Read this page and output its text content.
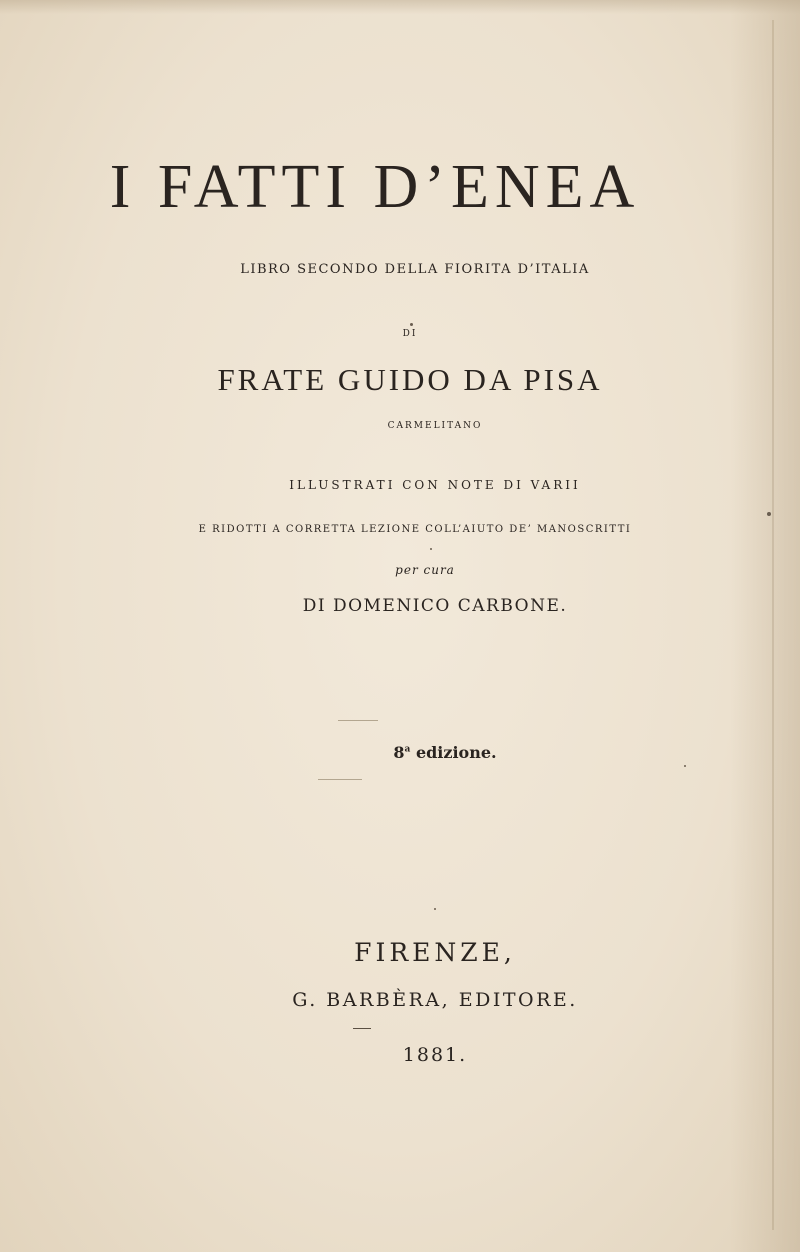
I FATTI D’ENEA
LIBRO SECONDO DELLA FIORITA D’ITALIA
DI
FRATE GUIDO DA PISA
CARMELITANO
ILLUSTRATI CON NOTE DI VARII
E RIDOTTI A CORRETTA LEZIONE COLL’AIUTO DE’ MANOSCRITTI
per cura
DI DOMENICO CARBONE.
8$^a$ edizione.
FIRENZE,
G. BARBÈRA, EDITORE.
1881.
